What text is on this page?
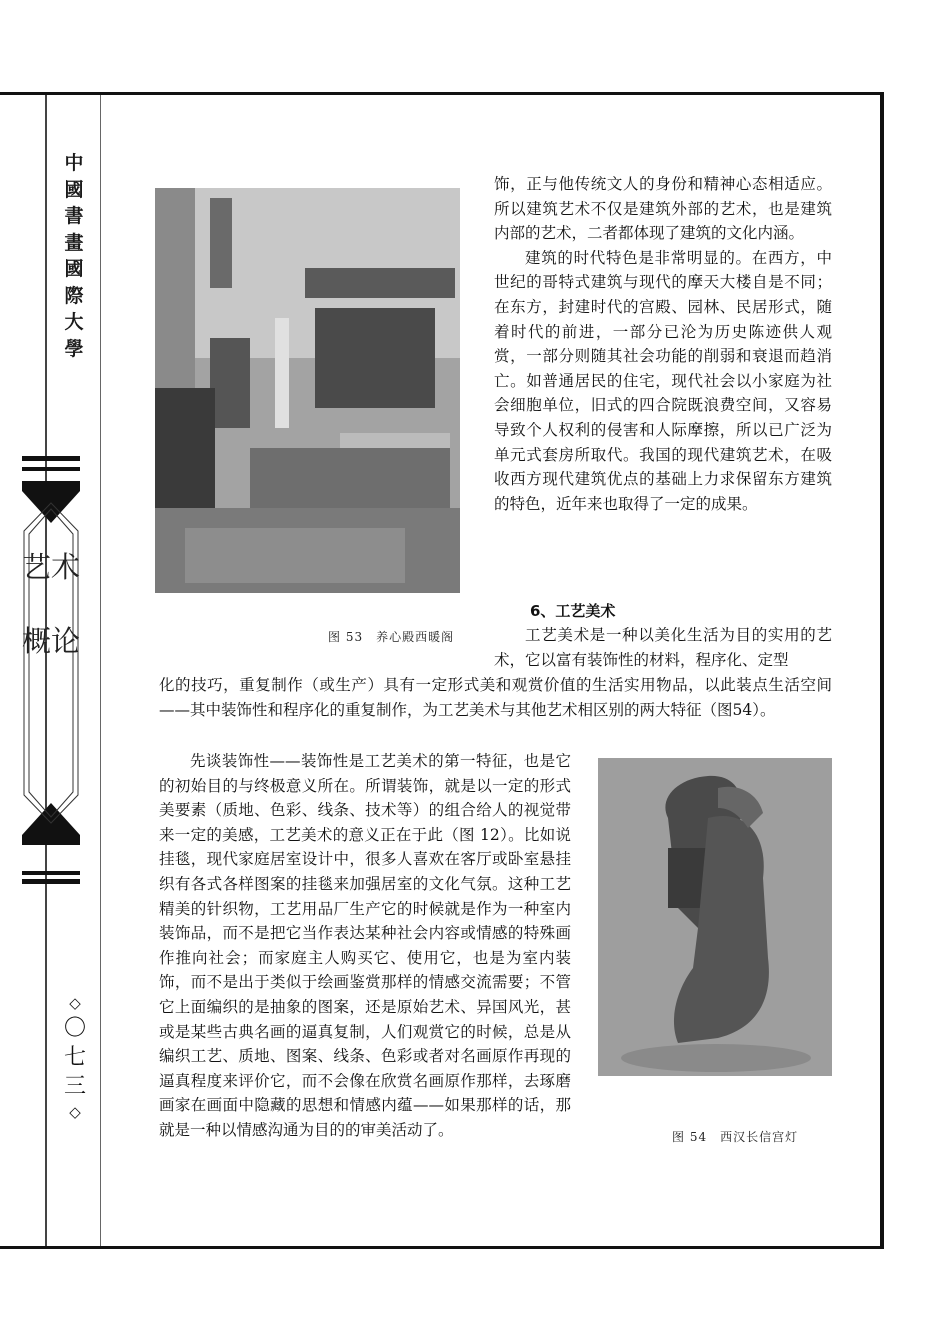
中國書畫國際大學
艺术概论
◇
〇七三
◇
图 53　养心殿西暖阁
图 54　西汉长信宫灯

饰，正与他传统文人的身份和精神心态相适应。所以建筑艺术不仅是建筑外部的艺术，也是建筑内部的艺术，二者都体现了建筑的文化内涵。

建筑的时代特色是非常明显的。在西方，中世纪的哥特式建筑与现代的摩天大楼自是不同；在东方，封建时代的宫殿、园林、民居形式，随着时代的前进，一部分已沦为历史陈迹供人观赏，一部分则随其社会功能的削弱和衰退而趋消亡。如普通居民的住宅，现代社会以小家庭为社会细胞单位，旧式的四合院既浪费空间，又容易导致个人权利的侵害和人际摩擦，所以已广泛为单元式套房所取代。我国的现代建筑艺术，在吸收西方现代建筑优点的基础上力求保留东方建筑的特色，近年来也取得了一定的成果。

6、工艺美术

工艺美术是一种以美化生活为目的实用的艺术，它以富有装饰性的材料，程序化、定型

化的技巧，重复制作（或生产）具有一定形式美和观赏价值的生活实用物品，以此装点生活空间——其中装饰性和程序化的重复制作，为工艺美术与其他艺术相区别的两大特征（图54）。

先谈装饰性——装饰性是工艺美术的第一特征，也是它的初始目的与终极意义所在。所谓装饰，就是以一定的形式美要素（质地、色彩、线条、技术等）的组合给人的视觉带来一定的美感，工艺美术的意义正在于此（图 12）。比如说挂毯，现代家庭居室设计中，很多人喜欢在客厅或卧室悬挂织有各式各样图案的挂毯来加强居室的文化气氛。这种工艺精美的针织物，工艺用品厂生产它的时候就是作为一种室内装饰品，而不是把它当作表达某种社会内容或情感的特殊画作推向社会；而家庭主人购买它、使用它，也是为室内装饰，而不是出于类似于绘画鉴赏那样的情感交流需要；不管它上面编织的是抽象的图案，还是原始艺术、异国风光，甚或是某些古典名画的逼真复制，人们观赏它的时候，总是从编织工艺、质地、图案、线条、色彩或者对名画原作再现的逼真程度来评价它，而不会像在欣赏名画原作那样，去琢磨画家在画面中隐藏的思想和情感内蕴——如果那样的话，那就是一种以情感沟通为目的的审美活动了。
